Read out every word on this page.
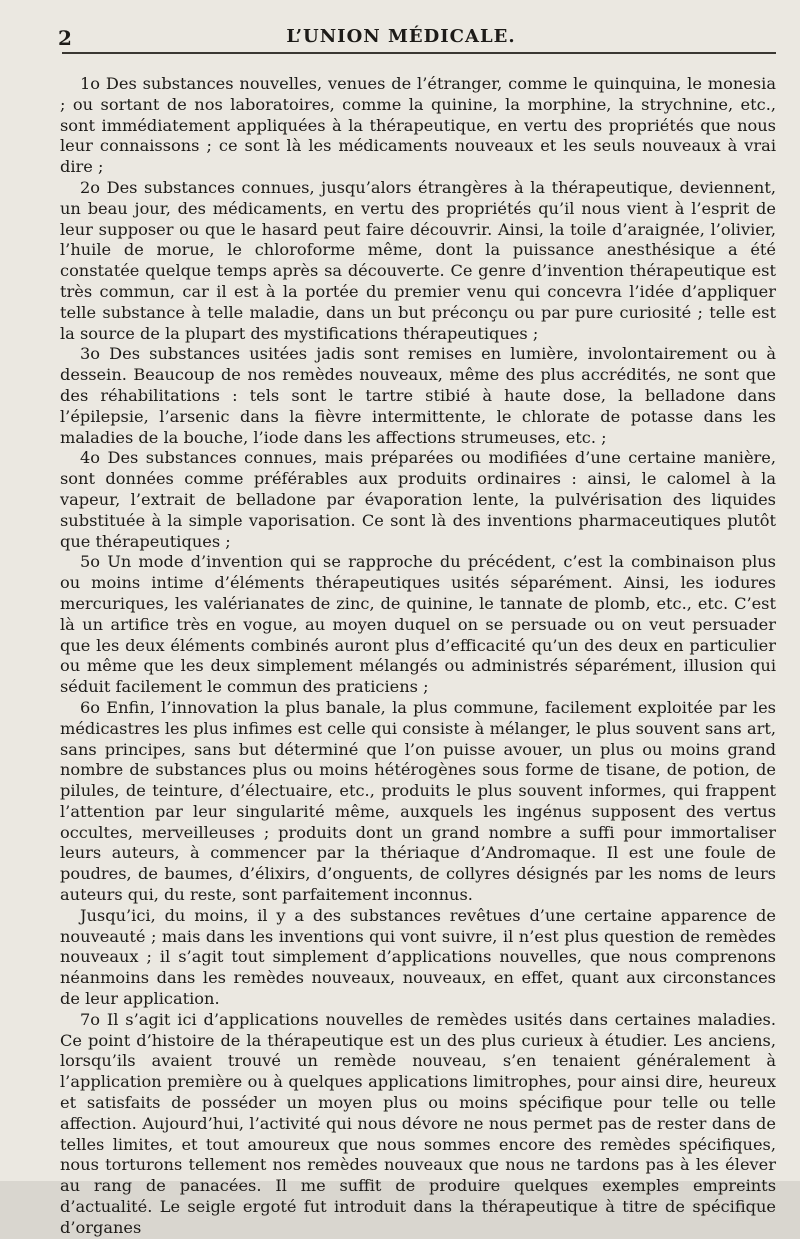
2	L’UNION MÉDICALE.

1o Des substances nouvelles, venues de l’étranger, comme le quinquina, le monesia ; ou sortant de nos laboratoires, comme la quinine, la morphine, la strychnine, etc., sont immédiatement appliquées à la thérapeutique, en vertu des propriétés que nous leur connaissons ; ce sont là les médicaments nouveaux et les seuls nouveaux à vrai dire ;

2o Des substances connues, jusqu’alors étrangères à la thérapeutique, deviennent, un beau jour, des médicaments, en vertu des propriétés qu’il nous vient à l’esprit de leur supposer ou que le hasard peut faire découvrir. Ainsi, la toile d’araignée, l’olivier, l’huile de morue, le chloroforme même, dont la puissance anesthésique a été constatée quelque temps après sa découverte. Ce genre d’invention thérapeutique est très commun, car il est à la portée du premier venu qui concevra l’idée d’appliquer telle substance à telle maladie, dans un but préconçu ou par pure curiosité ; telle est la source de la plupart des mystifications thérapeutiques ;

3o Des substances usitées jadis sont remises en lumière, involontairement ou à dessein. Beaucoup de nos remèdes nouveaux, même des plus accrédités, ne sont que des réhabilitations : tels sont le tartre stibié à haute dose, la belladone dans l’épilepsie, l’arsenic dans la fièvre intermittente, le chlorate de potasse dans les maladies de la bouche, l’iode dans les affections strumeuses, etc. ;

4o Des substances connues, mais préparées ou modifiées d’une certaine manière, sont données comme préférables aux produits ordinaires : ainsi, le calomel à la vapeur, l’extrait de belladone par évaporation lente, la pulvérisation des liquides substituée à la simple vaporisation. Ce sont là des inventions pharmaceutiques plutôt que thérapeutiques ;

5o Un mode d’invention qui se rapproche du précédent, c’est la combinaison plus ou moins intime d’éléments thérapeutiques usités séparément. Ainsi, les iodures mercuriques, les valérianates de zinc, de quinine, le tannate de plomb, etc., etc. C’est là un artifice très en vogue, au moyen duquel on se persuade ou on veut persuader que les deux éléments combinés auront plus d’efficacité qu’un des deux en particulier ou même que les deux simplement mélangés ou administrés séparément, illusion qui séduit facilement le commun des praticiens ;

6o Enfin, l’innovation la plus banale, la plus commune, facilement exploitée par les médicastres les plus infimes est celle qui consiste à mélanger, le plus souvent sans art, sans principes, sans but déterminé que l’on puisse avouer, un plus ou moins grand nombre de substances plus ou moins hétérogènes sous forme de tisane, de potion, de pilules, de teinture, d’électuaire, etc., produits le plus souvent informes, qui frappent l’attention par leur singularité même, auxquels les ingénus supposent des vertus occultes, merveilleuses ; produits dont un grand nombre a suffi pour immortaliser leurs auteurs, à commencer par la thériaque d’Andromaque. Il est une foule de poudres, de baumes, d’élixirs, d’onguents, de collyres désignés par les noms de leurs auteurs qui, du reste, sont parfaitement inconnus.

Jusqu’ici, du moins, il y a des substances revêtues d’une certaine apparence de nouveauté ; mais dans les inventions qui vont suivre, il n’est plus question de remèdes nouveaux ; il s’agit tout simplement d’applications nouvelles, que nous comprenons néanmoins dans les remèdes nouveaux, nouveaux, en effet, quant aux circonstances de leur application.

7o Il s’agit ici d’applications nouvelles de remèdes usités dans certaines maladies. Ce point d’histoire de la thérapeutique est un des plus curieux à étudier. Les anciens, lorsqu’ils avaient trouvé un remède nouveau, s’en tenaient généralement à l’application première ou à quelques applications limitrophes, pour ainsi dire, heureux et satisfaits de posséder un moyen plus ou moins spécifique pour telle ou telle affection. Aujourd’hui, l’activité qui nous dévore ne nous permet pas de rester dans de telles limites, et tout amoureux que nous sommes encore des remèdes spécifiques, nous torturons tellement nos remèdes nouveaux que nous ne tardons pas à les élever au rang de panacées. Il me suffit de produire quelques exemples empreints d’actualité. Le seigle ergoté fut introduit dans la thérapeutique à titre de spécifique d’organes
